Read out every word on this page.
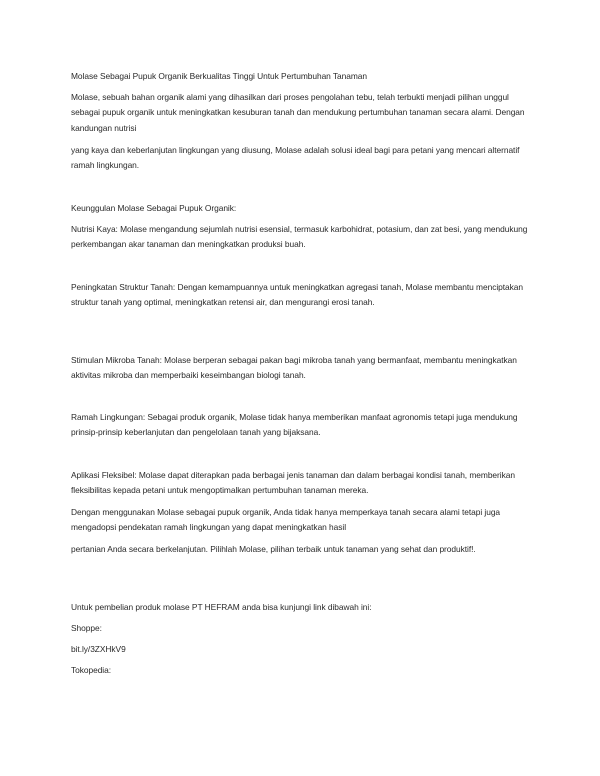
Molase Sebagai Pupuk Organik Berkualitas Tinggi Untuk Pertumbuhan Tanaman

Molase, sebuah bahan organik alami yang dihasilkan dari proses pengolahan tebu, telah terbukti menjadi pilihan unggul sebagai pupuk organik untuk meningkatkan kesuburan tanah dan mendukung pertumbuhan tanaman secara alami. Dengan kandungan nutrisi

yang kaya dan keberlanjutan lingkungan yang diusung, Molase adalah solusi ideal bagi para petani yang mencari alternatif ramah lingkungan.

Keunggulan Molase Sebagai Pupuk Organik:

Nutrisi Kaya: Molase mengandung sejumlah nutrisi esensial, termasuk karbohidrat, potasium, dan zat besi, yang mendukung perkembangan akar tanaman dan meningkatkan produksi buah.

Peningkatan Struktur Tanah: Dengan kemampuannya untuk meningkatkan agregasi tanah, Molase membantu menciptakan struktur tanah yang optimal, meningkatkan retensi air, dan mengurangi erosi tanah.

Stimulan Mikroba Tanah: Molase berperan sebagai pakan bagi mikroba tanah yang bermanfaat, membantu meningkatkan aktivitas mikroba dan memperbaiki keseimbangan biologi tanah.

Ramah Lingkungan: Sebagai produk organik, Molase tidak hanya memberikan manfaat agronomis tetapi juga mendukung prinsip-prinsip keberlanjutan dan pengelolaan tanah yang bijaksana.

Aplikasi Fleksibel: Molase dapat diterapkan pada berbagai jenis tanaman dan dalam berbagai kondisi tanah, memberikan fleksibilitas kepada petani untuk mengoptimalkan pertumbuhan tanaman mereka.

Dengan menggunakan Molase sebagai pupuk organik, Anda tidak hanya memperkaya tanah secara alami tetapi juga mengadopsi pendekatan ramah lingkungan yang dapat meningkatkan hasil

pertanian Anda secara berkelanjutan. Pilihlah Molase, pilihan terbaik untuk tanaman yang sehat dan produktif!.

Untuk pembelian produk molase PT HEFRAM anda bisa kunjungi link dibawah ini:

Shoppe:

bit.ly/3ZXHkV9

Tokopedia:
